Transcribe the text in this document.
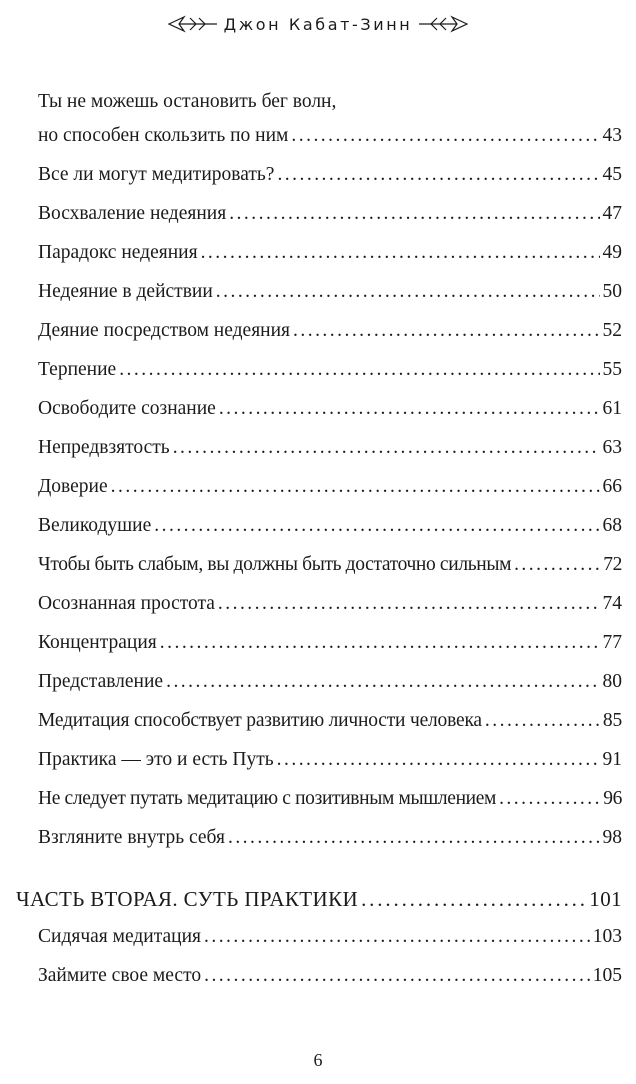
Джон Кабат-Зинн
Ты не можешь остановить бег волн,
но способен скользить по ним . . .	43
Все ли могут медитировать? . . .	45
Восхваление недеяния . . .	47
Парадокс недеяния . . .	49
Недеяние в действии . . .	50
Деяние посредством недеяния . . .	52
Терпение . . .	55
Освободите сознание . . .	61
Непредвзятость . . .	63
Доверие . . .	66
Великодушие . . .	68
Чтобы быть слабым, вы должны быть достаточно сильным . . .	72
Осознанная простота . . .	74
Концентрация . . .	77
Представление . . .	80
Медитация способствует развитию личности человека . . .	85
Практика — это и есть Путь . . .	91
Не следует путать медитацию с позитивным мышлением . . .	96
Взгляните внутрь себя . . .	98
ЧАСТЬ ВТОРАЯ. СУТЬ ПРАКТИКИ . . .	101
Сидячая медитация . . .	103
Займите свое место . . .	105
6
